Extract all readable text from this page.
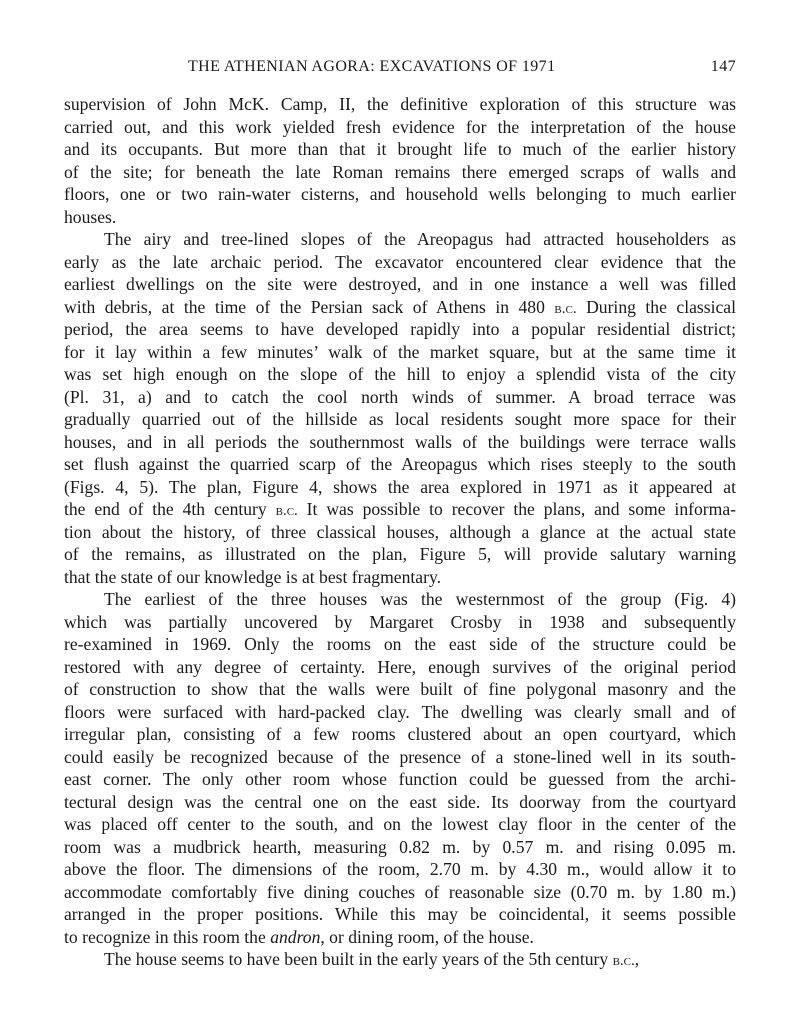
THE ATHENIAN AGORA: EXCAVATIONS OF 1971	147
supervision of John McK. Camp, II, the definitive exploration of this structure was
carried out, and this work yielded fresh evidence for the interpretation of the house
and its occupants. But more than that it brought life to much of the earlier history
of the site; for beneath the late Roman remains there emerged scraps of walls and
floors, one or two rain-water cisterns, and household wells belonging to much earlier
houses.
The airy and tree-lined slopes of the Areopagus had attracted householders as
early as the late archaic period. The excavator encountered clear evidence that the
earliest dwellings on the site were destroyed, and in one instance a well was filled
with debris, at the time of the Persian sack of Athens in 480 b.c. During the classical
period, the area seems to have developed rapidly into a popular residential district;
for it lay within a few minutes’ walk of the market square, but at the same time it
was set high enough on the slope of the hill to enjoy a splendid vista of the city
(Pl. 31, a) and to catch the cool north winds of summer. A broad terrace was
gradually quarried out of the hillside as local residents sought more space for their
houses, and in all periods the southernmost walls of the buildings were terrace walls
set flush against the quarried scarp of the Areopagus which rises steeply to the south
(Figs. 4, 5). The plan, Figure 4, shows the area explored in 1971 as it appeared at
the end of the 4th century b.c. It was possible to recover the plans, and some informa-
tion about the history, of three classical houses, although a glance at the actual state
of the remains, as illustrated on the plan, Figure 5, will provide salutary warning
that the state of our knowledge is at best fragmentary.
The earliest of the three houses was the westernmost of the group (Fig. 4)
which was partially uncovered by Margaret Crosby in 1938 and subsequently
re-examined in 1969. Only the rooms on the east side of the structure could be
restored with any degree of certainty. Here, enough survives of the original period
of construction to show that the walls were built of fine polygonal masonry and the
floors were surfaced with hard-packed clay. The dwelling was clearly small and of
irregular plan, consisting of a few rooms clustered about an open courtyard, which
could easily be recognized because of the presence of a stone-lined well in its south-
east corner. The only other room whose function could be guessed from the archi-
tectural design was the central one on the east side. Its doorway from the courtyard
was placed off center to the south, and on the lowest clay floor in the center of the
room was a mudbrick hearth, measuring 0.82 m. by 0.57 m. and rising 0.095 m.
above the floor. The dimensions of the room, 2.70 m. by 4.30 m., would allow it to
accommodate comfortably five dining couches of reasonable size (0.70 m. by 1.80 m.)
arranged in the proper positions. While this may be coincidental, it seems possible
to recognize in this room the andron, or dining room, of the house.
The house seems to have been built in the early years of the 5th century b.c.,
